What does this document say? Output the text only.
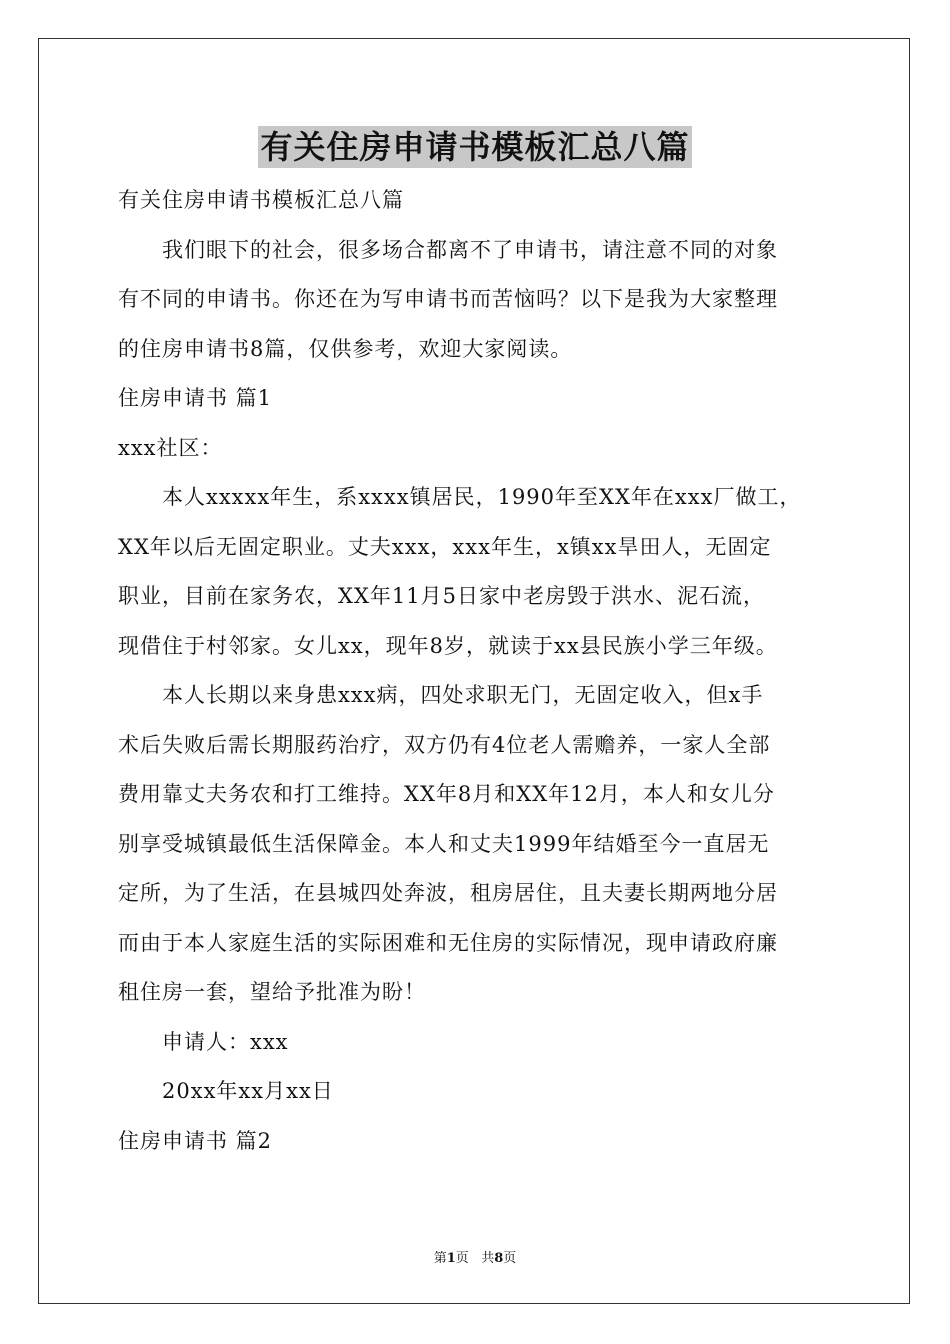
有关住房申请书模板汇总八篇
有关住房申请书模板汇总八篇
我们眼下的社会，很多场合都离不了申请书，请注意不同的对象
有不同的申请书。你还在为写申请书而苦恼吗？以下是我为大家整理
的住房申请书8篇，仅供参考，欢迎大家阅读。
住房申请书 篇1
xxx社区：
本人xxxxx年生，系xxxx镇居民，1990年至XX年在xxx厂做工，
XX年以后无固定职业。丈夫xxx，xxx年生，x镇xx旱田人，无固定
职业，目前在家务农，XX年11月5日家中老房毁于洪水、泥石流，
现借住于村邻家。女儿xx，现年8岁，就读于xx县民族小学三年级。
本人长期以来身患xxx病，四处求职无门，无固定收入，但x手
术后失败后需长期服药治疗，双方仍有4位老人需赡养，一家人全部
费用靠丈夫务农和打工维持。XX年8月和XX年12月，本人和女儿分
别享受城镇最低生活保障金。本人和丈夫1999年结婚至今一直居无
定所，为了生活，在县城四处奔波，租房居住，且夫妻长期两地分居
而由于本人家庭生活的实际困难和无住房的实际情况，现申请政府廉
租住房一套，望给予批准为盼！
申请人：xxx
20xx年xx月xx日
住房申请书 篇2
第1页 共8页
